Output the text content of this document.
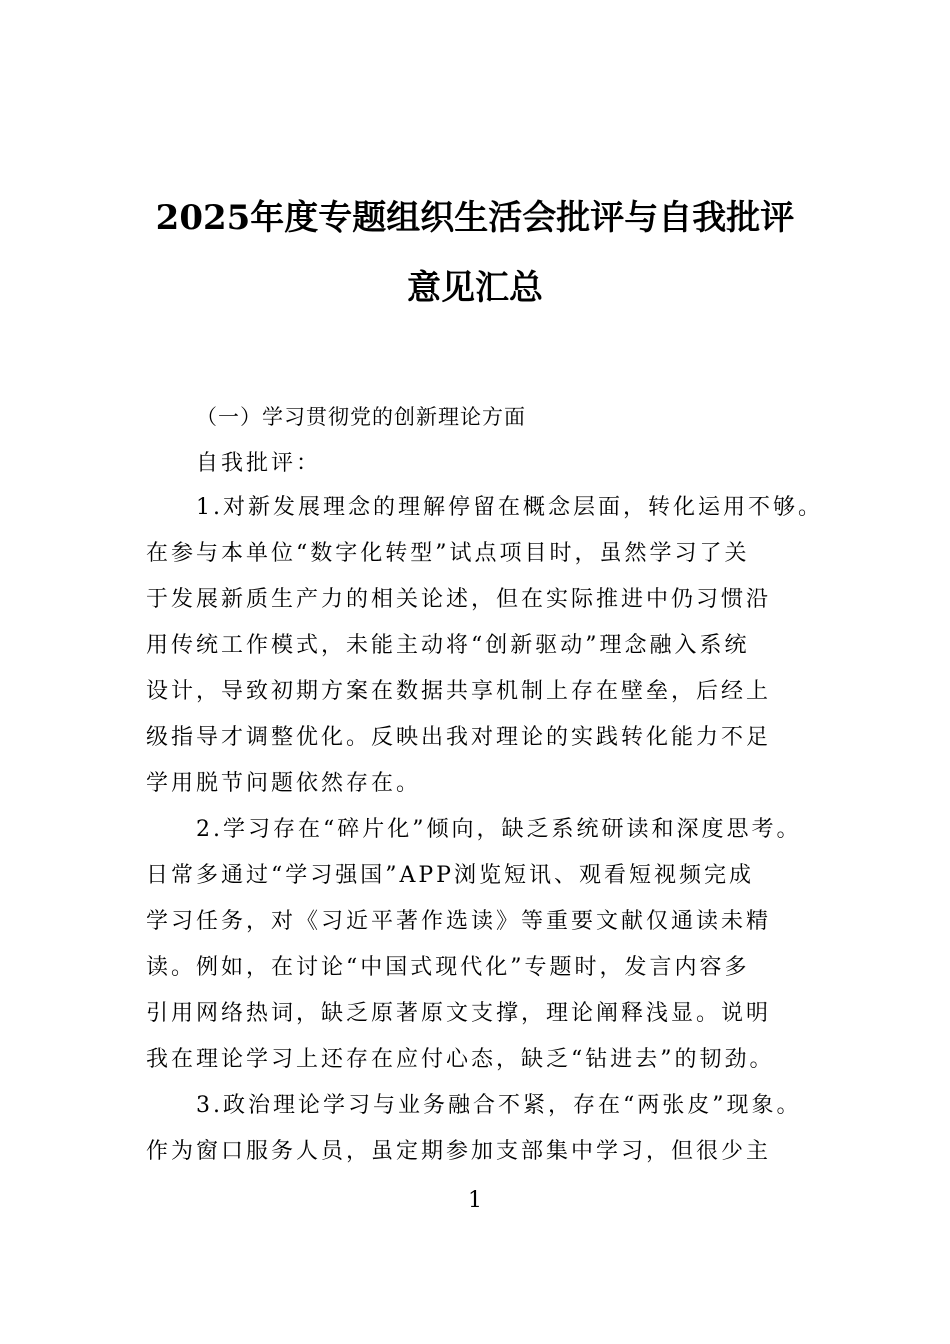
2025年度专题组织生活会批评与自我批评
意见汇总
（一）学习贯彻党的创新理论方面
自我批评：
1.对新发展理念的理解停留在概念层面，转化运用不够。
在参与本单位“数字化转型”试点项目时，虽然学习了关
于发展新质生产力的相关论述，但在实际推进中仍习惯沿
用传统工作模式，未能主动将“创新驱动”理念融入系统
设计，导致初期方案在数据共享机制上存在壁垒，后经上
级指导才调整优化。反映出我对理论的实践转化能力不足
学用脱节问题依然存在。
2.学习存在“碎片化”倾向，缺乏系统研读和深度思考。
日常多通过“学习强国”APP浏览短讯、观看短视频完成
学习任务，对《习近平著作选读》等重要文献仅通读未精
读。例如，在讨论“中国式现代化”专题时，发言内容多
引用网络热词，缺乏原著原文支撑，理论阐释浅显。说明
我在理论学习上还存在应付心态，缺乏“钻进去”的韧劲。
3.政治理论学习与业务融合不紧，存在“两张皮”现象。
作为窗口服务人员，虽定期参加支部集中学习，但很少主
1
